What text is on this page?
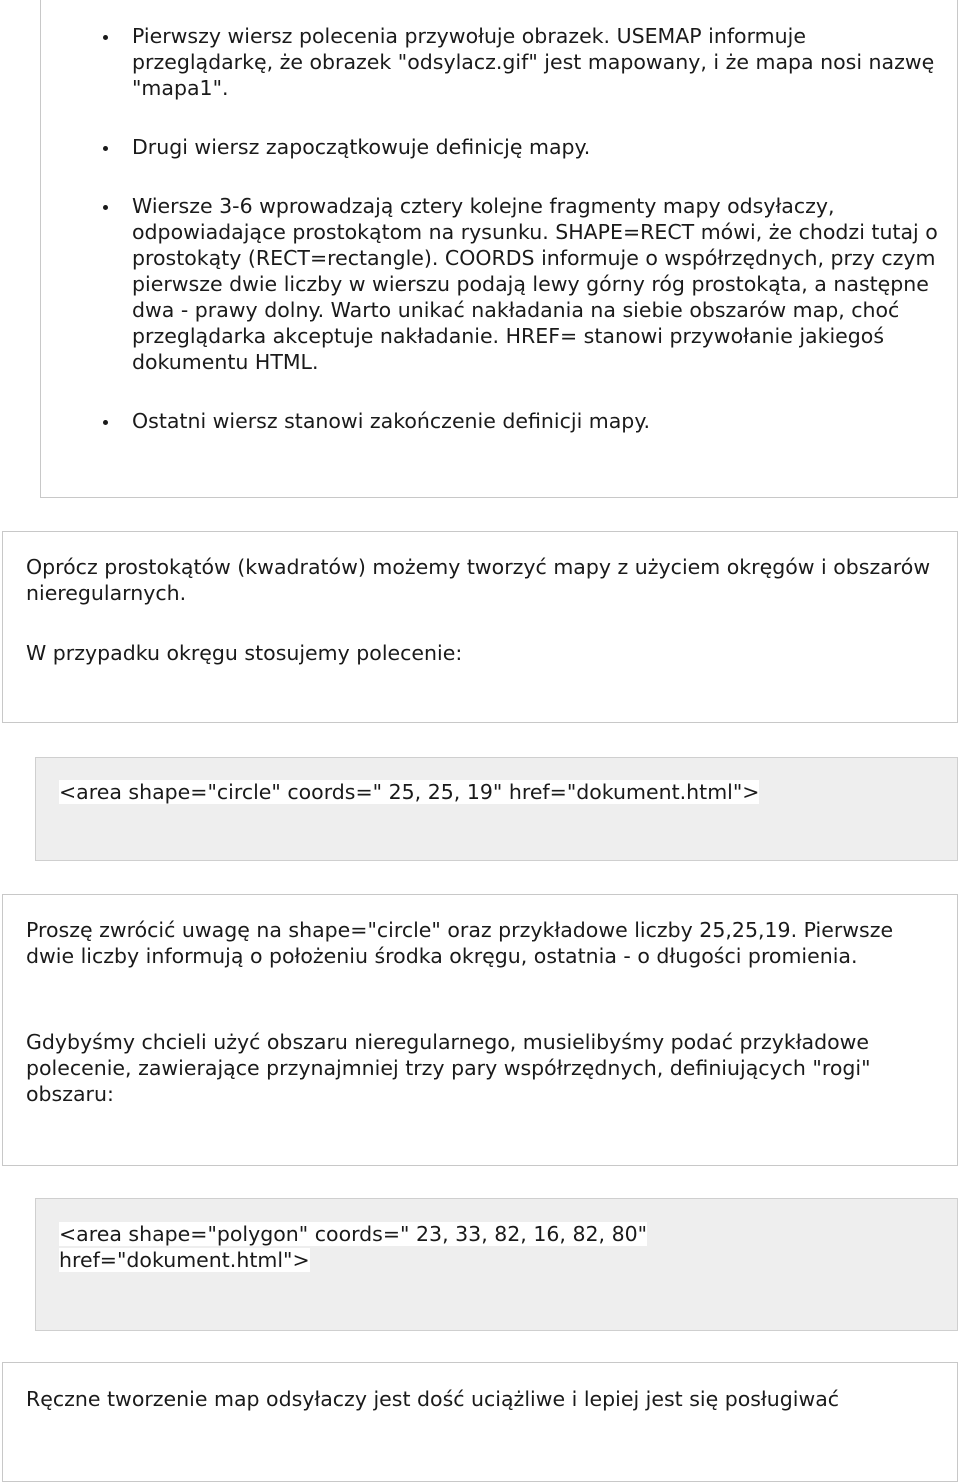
Pierwszy wiersz polecenia przywołuje obrazek. USEMAP informuje przeglądarkę, że obrazek "odsylacz.gif" jest mapowany, i że mapa nosi nazwę "mapa1".
Drugi wiersz zapoczątkowuje definicję mapy.
Wiersze 3-6 wprowadzają cztery kolejne fragmenty mapy odsyłaczy, odpowiadające prostokątom na rysunku. SHAPE=RECT mówi, że chodzi tutaj o prostokąty (RECT=rectangle). COORDS informuje o współrzędnych, przy czym pierwsze dwie liczby w wierszu podają lewy górny róg prostokąta, a następne dwa - prawy dolny. Warto unikać nakładania na siebie obszarów map, choć przeglądarka akceptuje nakładanie. HREF= stanowi przywołanie jakiegoś dokumentu HTML.
Ostatni wiersz stanowi zakończenie definicji mapy.

Oprócz prostokątów (kwadratów) możemy tworzyć mapy z użyciem okręgów i obszarów nieregularnych.

W przypadku okręgu stosujemy polecenie:

<area shape="circle" coords=" 25, 25, 19" href="dokument.html">

Proszę zwrócić uwagę na shape="circle" oraz przykładowe liczby 25,25,19. Pierwsze dwie liczby informują o położeniu środka okręgu, ostatnia - o długości promienia.

Gdybyśmy chcieli użyć obszaru nieregularnego, musielibyśmy podać przykładowe polecenie, zawierające przynajmniej trzy pary współrzędnych, definiujących "rogi" obszaru:

<area shape="polygon" coords=" 23, 33, 82, 16, 82, 80"

href="dokument.html">

Ręczne tworzenie map odsyłaczy jest dość uciążliwe i lepiej jest się posługiwać
